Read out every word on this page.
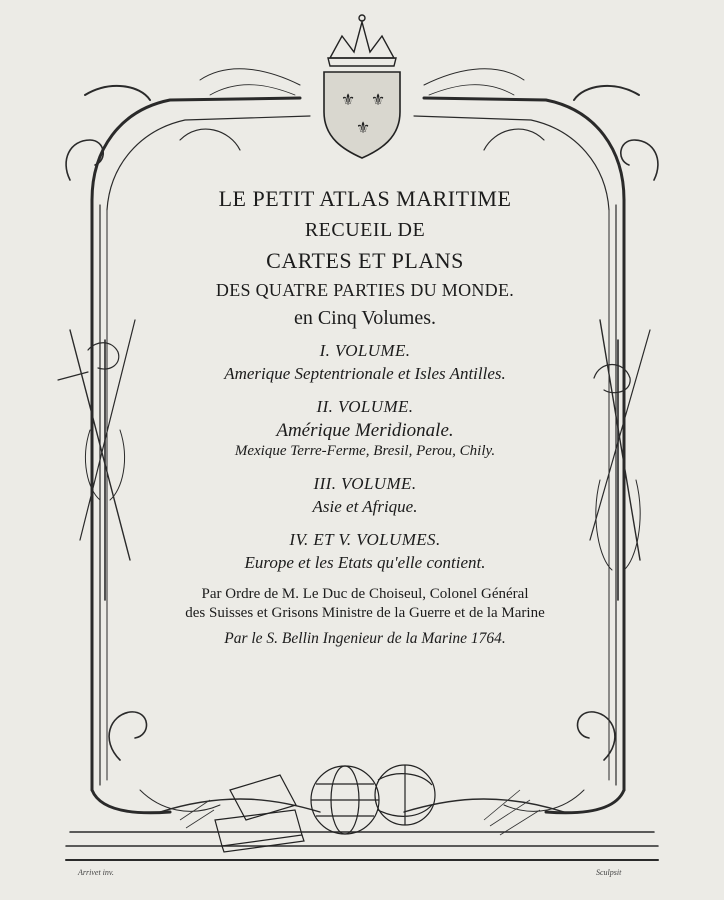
⚜ ⚜
⚜
LE PETIT ATLAS MARITIME
RECUEIL DE
CARTES ET PLANS
DES QUATRE PARTIES DU MONDE.
en Cinq Volumes.
I. VOLUME.
Amerique Septentrionale et Isles Antilles.
II. VOLUME.
Amérique Meridionale.
Mexique Terre-Ferme, Bresil, Perou, Chily.
III. VOLUME.
Asie et Afrique.
IV. ET V. VOLUMES.
Europe et les Etats qu'elle contient.
Par Ordre de M. Le Duc de Choiseul, Colonel Général
des Suisses et Grisons Ministre de la Guerre et de la Marine
Par le S. Bellin Ingenieur de la Marine 1764.
Arrivet inv.	Sculpsit
